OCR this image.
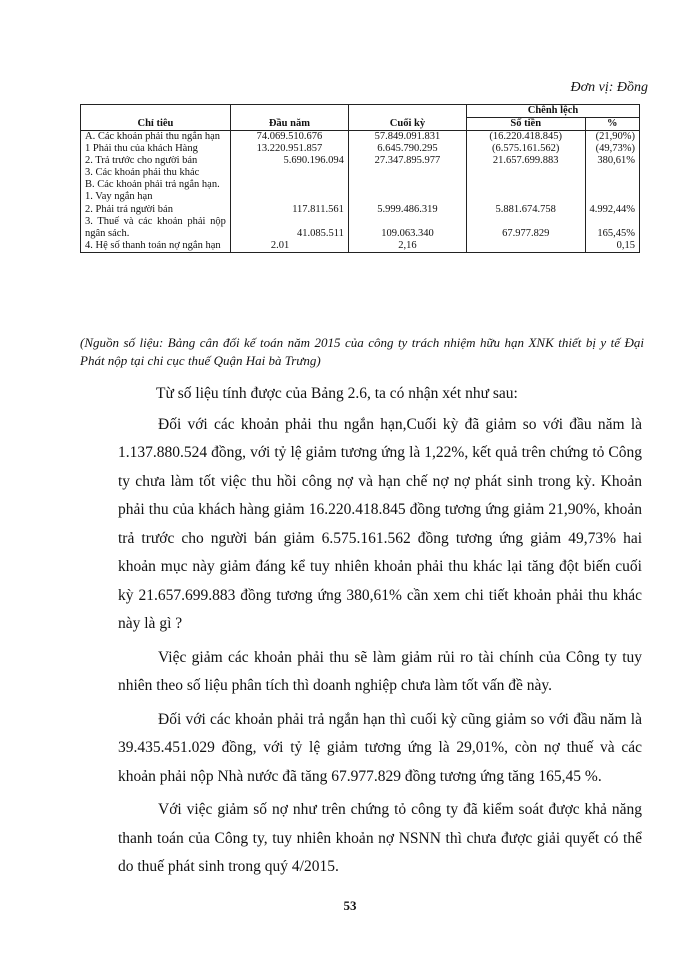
Đơn vị: Đồng
Chỉ tiêu	Đầu năm	Cuối kỳ	Chênh lệch	
			Số tiền	%
A. Các khoản phải thu ngắn hạn	74.069.510.676	57.849.091.831	(16.220.418.845)	(21,90%)
1 Phải thu của khách Hàng	13.220.951.857	6.645.790.295	(6.575.161.562)	(49,73%)
2. Trả trước cho người bán	5.690.196.094	27.347.895.977	21.657.699.883	380,61%
3. Các khoản phải thu khác				
B. Các khoản phải trả ngắn hạn.				
1. Vay ngắn hạn				
2. Phải trả người bán	117.811.561	5.999.486.319	5.881.674.758	4.992,44%
3. Thuế và các khoản phải nộp ngân sách.	41.085.511	109.063.340	67.977.829	165,45%
4. Hệ số thanh toán nợ ngắn hạn	2.01	2,16		0,15
(Nguồn số liệu: Bảng cân đối kế toán năm 2015 của công ty trách nhiệm hữu hạn XNK thiết bị y tế Đại Phát nộp tại chi cục thuế Quận Hai bà Trưng)

Từ số liệu tính được của Bảng 2.6, ta có nhận xét như sau:

Đối với các khoản phải thu ngắn hạn,Cuối kỳ đã giảm so với đầu năm là 1.137.880.524 đồng, với tỷ lệ giảm tương ứng là 1,22%, kết quả trên chứng tỏ Công ty chưa làm tốt việc thu hồi công nợ và hạn chế nợ nợ phát sinh trong kỳ. Khoản phải thu của khách hàng giảm 16.220.418.845 đồng tương ứng giảm 21,90%, khoản trả trước cho người bán giảm 6.575.161.562 đồng tương ứng giảm 49,73% hai khoản mục này giảm đáng kể tuy nhiên khoản phải thu khác lại tăng đột biến cuối kỳ 21.657.699.883 đồng tương ứng 380,61% cần xem chi tiết khoản phải thu khác này là gì ?

Việc giảm các khoản phải thu sẽ làm giảm rủi ro tài chính của Công ty tuy nhiên theo số liệu phân tích thì doanh nghiệp chưa làm tốt vấn đề này.

Đối với các khoản phải trả ngắn hạn thì cuối kỳ cũng giảm so với đầu năm là 39.435.451.029 đồng, với tỷ lệ giảm tương ứng là 29,01%, còn nợ thuế và các khoản phải nộp Nhà nước đã tăng 67.977.829 đồng tương ứng tăng 165,45 %.

Với việc giảm số nợ như trên chứng tỏ công ty đã kiểm soát được khả năng thanh toán của Công ty, tuy nhiên khoản nợ NSNN thì chưa được giải quyết có thể do thuế phát sinh trong quý 4/2015.

53
